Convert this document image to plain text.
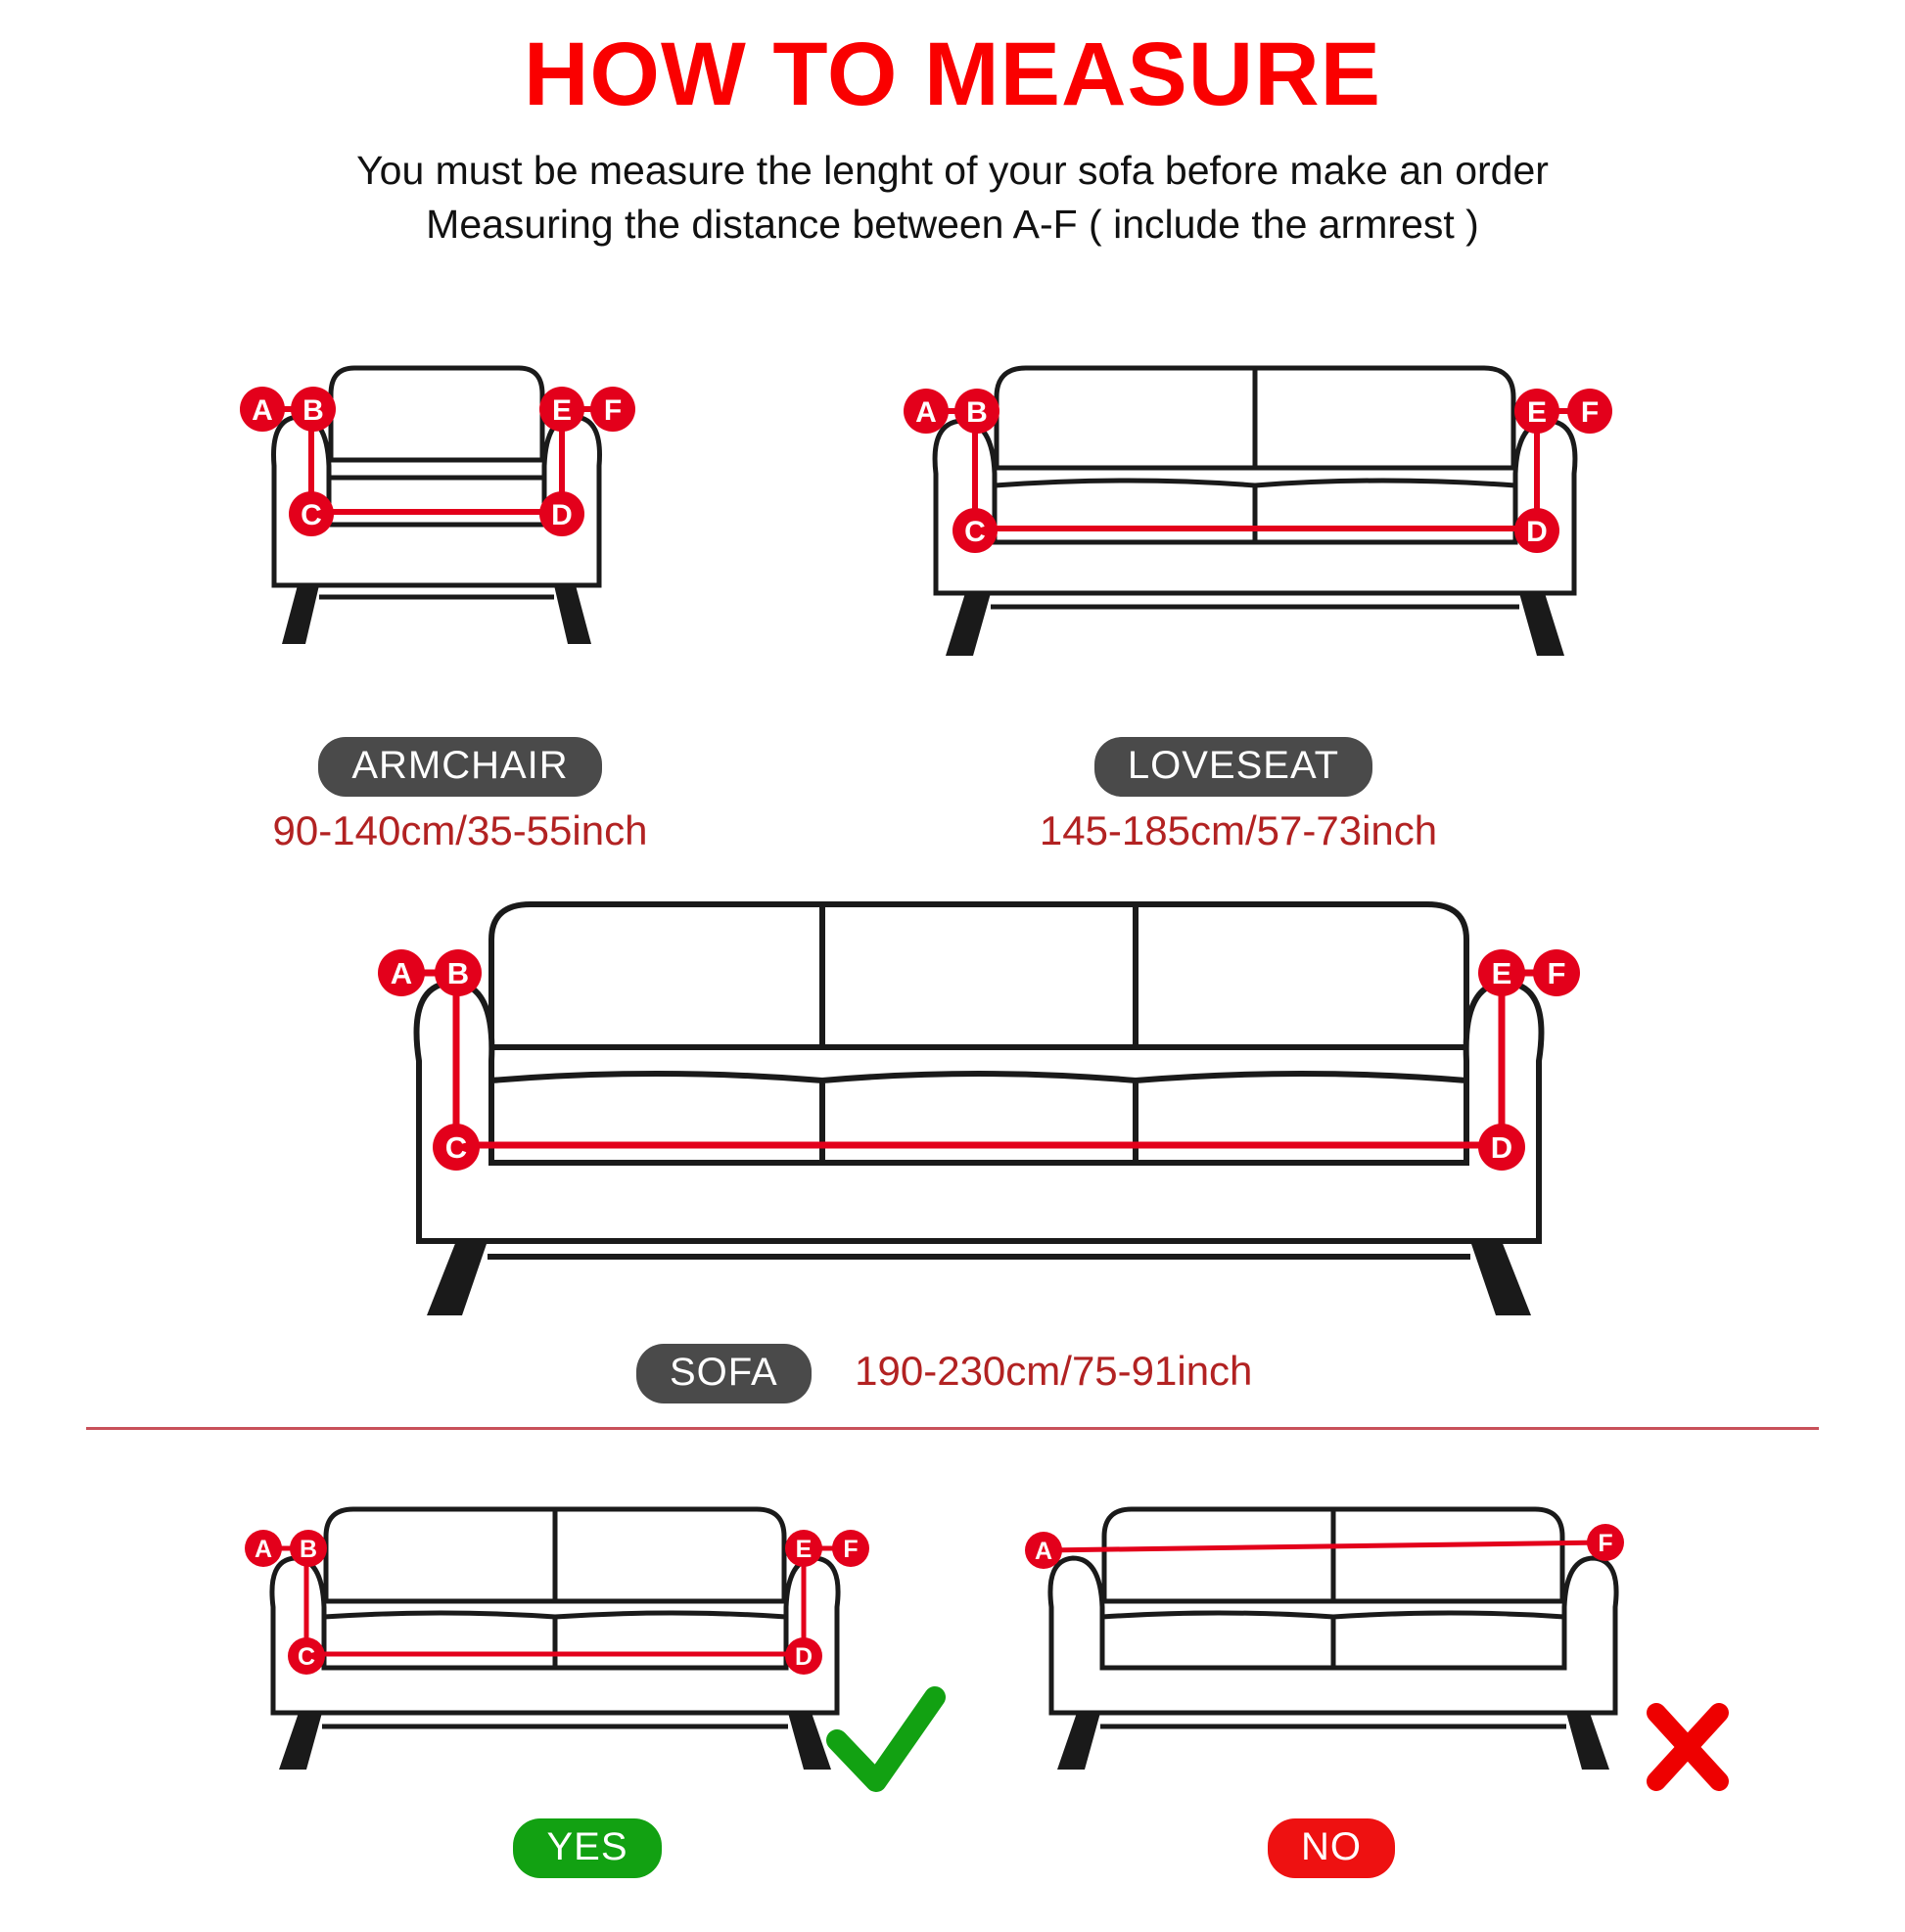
HOW TO MEASURE
You must be measure the lenght of your sofa before make an order
Measuring the distance between A-F ( include the armrest )
A B
C	D
E F
ARMCHAIR
90-140cm/35-55inch
A B
C	D
E F
LOVESEAT
145-185cm/57-73inch
A B
C	D
E F
SOFA 190-230cm/75-91inch
A B
C	D
E F
YES
A	F
NO
